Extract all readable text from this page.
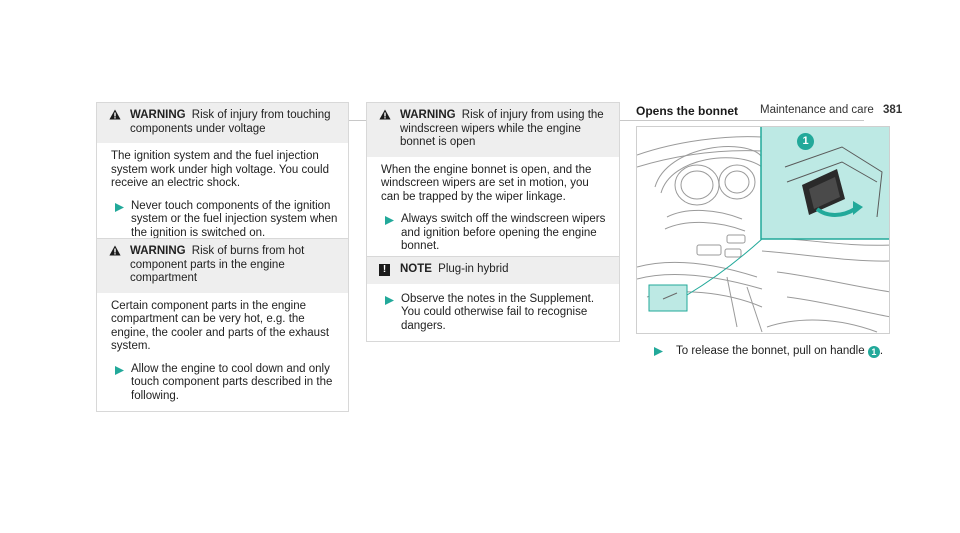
Maintenance and care 381
WARNING Risk of injury from touching components under voltage
The ignition system and the fuel injection system work under high voltage. You could receive an electric shock.
Never touch components of the ignition system or the fuel injection system when the ignition is switched on.
WARNING Risk of burns from hot component parts in the engine compartment
Certain component parts in the engine compartment can be very hot, e.g. the engine, the cooler and parts of the exhaust system.
Allow the engine to cool down and only touch component parts described in the following.
WARNING Risk of injury from using the windscreen wipers while the engine bonnet is open
When the engine bonnet is open, and the windscreen wipers are set in motion, you can be trapped by the wiper linkage.
Always switch off the windscreen wipers and ignition before opening the engine bonnet.
!	NOTE Plug-in hybrid
Observe the notes in the Supplement. You could otherwise fail to recognise dangers.
Opens the bonnet
1
To release the bonnet, pull on handle 1 .
